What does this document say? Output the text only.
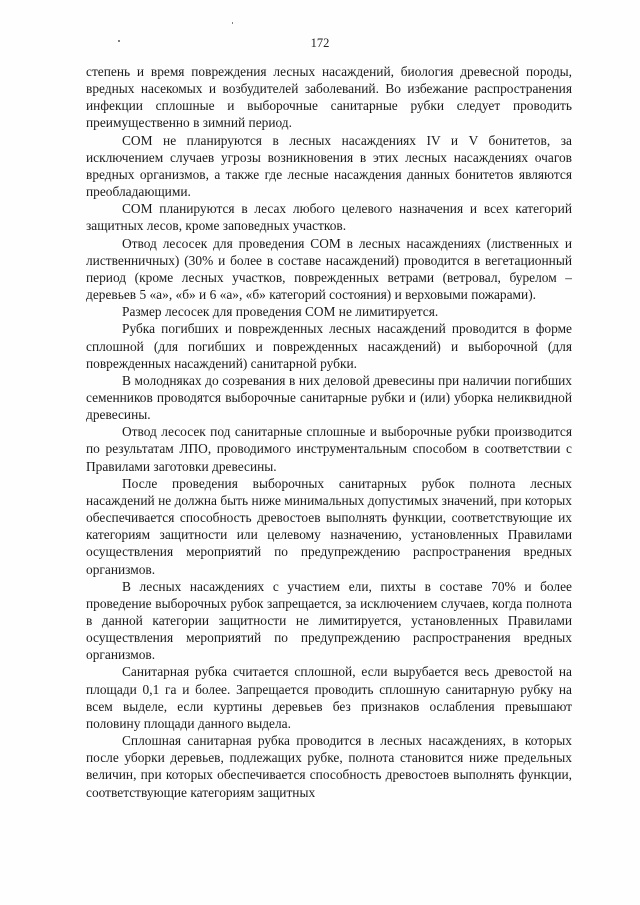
172

степень и время повреждения лесных насаждений, биология древесной породы, вредных насекомых и возбудителей заболеваний. Во избежание распространения инфекции сплошные и выборочные санитарные рубки следует проводить преимущественно в зимний период.

СОМ не планируются в лесных насаждениях IV и V бонитетов, за исключением случаев угрозы возникновения в этих лесных насаждениях очагов вредных организмов, а также где лесные насаждения данных бонитетов являются преобладающими.

СОМ планируются в лесах любого целевого назначения и всех категорий защитных лесов, кроме заповедных участков.

Отвод лесосек для проведения СОМ в лесных насаждениях (лиственных и лиственничных) (30% и более в составе насаждений) проводится в вегетационный период (кроме лесных участков, поврежденных ветрами (ветровал, бурелом – деревьев 5 «а», «б» и 6 «а», «б» категорий состояния) и верховыми пожарами).

Размер лесосек для проведения СОМ не лимитируется.

Рубка погибших и поврежденных лесных насаждений проводится в форме сплошной (для погибших и поврежденных насаждений) и выборочной (для поврежденных насаждений) санитарной рубки.

В молодняках до созревания в них деловой древесины при наличии погибших семенников проводятся выборочные санитарные рубки и (или) уборка неликвидной древесины.

Отвод лесосек под санитарные сплошные и выборочные рубки производится по результатам ЛПО, проводимого инструментальным способом в соответствии с Правилами заготовки древесины.

После проведения выборочных санитарных рубок полнота лесных насаждений не должна быть ниже минимальных допустимых значений, при которых обеспечивается способность древостоев выполнять функции, соответствующие их категориям защитности или целевому назначению, установленных Правилами осуществления мероприятий по предупреждению распространения вредных организмов.

В лесных насаждениях с участием ели, пихты в составе 70% и более проведение выборочных рубок запрещается, за исключением случаев, когда полнота в данной категории защитности не лимитируется, установленных Правилами осуществления мероприятий по предупреждению распространения вредных организмов.

Санитарная рубка считается сплошной, если вырубается весь древостой на площади 0,1 га и более. Запрещается проводить сплошную санитарную рубку на всем выделе, если куртины деревьев без признаков ослабления превышают половину площади данного выдела.

Сплошная санитарная рубка проводится в лесных насаждениях, в которых после уборки деревьев, подлежащих рубке, полнота становится ниже предельных величин, при которых обеспечивается способность древостоев выполнять функции, соответствующие категориям защитных
